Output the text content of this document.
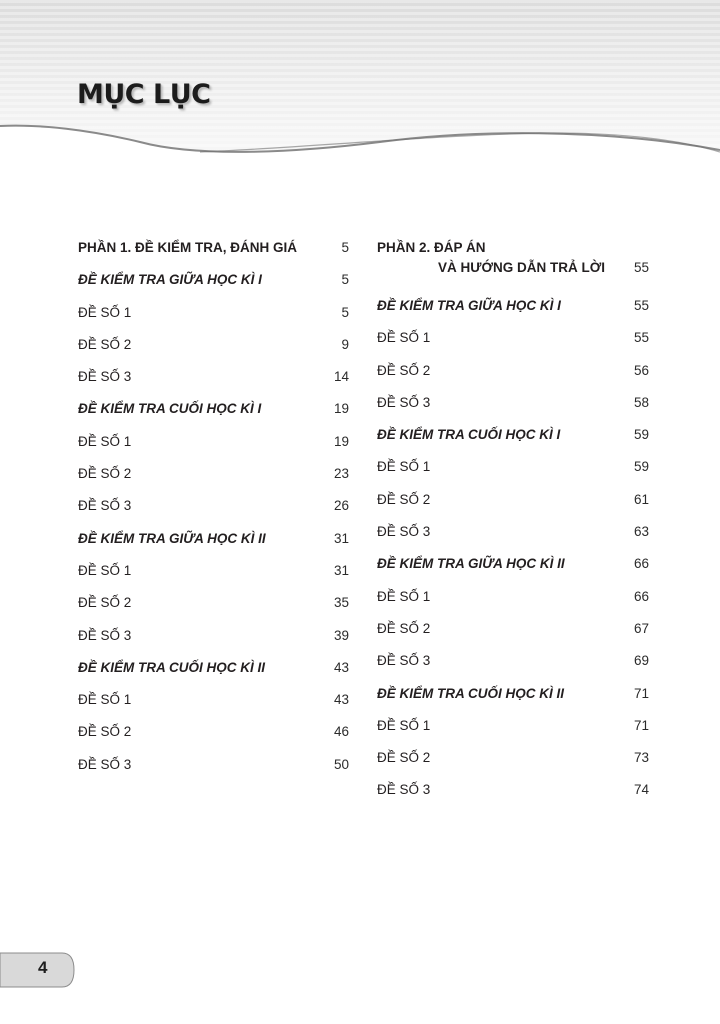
MỤC LỤC
PHẦN 1. ĐỀ KIỂM TRA, ĐÁNH GIÁ	5
ĐỀ KIỂM TRA GIỮA HỌC KÌ I	5
ĐỀ SỐ 1	5
ĐỀ SỐ 2	9
ĐỀ SỐ 3	14
ĐỀ KIỂM TRA CUỐI HỌC KÌ I	19
ĐỀ SỐ 1	19
ĐỀ SỐ 2	23
ĐỀ SỐ 3	26
ĐỀ KIỂM TRA GIỮA HỌC KÌ II	31
ĐỀ SỐ 1	31
ĐỀ SỐ 2	35
ĐỀ SỐ 3	39
ĐỀ KIỂM TRA CUỐI HỌC KÌ II	43
ĐỀ SỐ 1	43
ĐỀ SỐ 2	46
ĐỀ SỐ 3	50
PHẦN 2. ĐÁP ÁN
VÀ HƯỚNG DẪN TRẢ LỜI 55
ĐỀ KIỂM TRA GIỮA HỌC KÌ I	55
ĐỀ SỐ 1	55
ĐỀ SỐ 2	56
ĐỀ SỐ 3	58
ĐỀ KIỂM TRA CUỐI HỌC KÌ I	59
ĐỀ SỐ 1	59
ĐỀ SỐ 2	61
ĐỀ SỐ 3	63
ĐỀ KIỂM TRA GIỮA HỌC KÌ II	66
ĐỀ SỐ 1	66
ĐỀ SỐ 2	67
ĐỀ SỐ 3	69
ĐỀ KIỂM TRA CUỐI HỌC KÌ II	71
ĐỀ SỐ 1	71
ĐỀ SỐ 2	73
ĐỀ SỐ 3	74
4
